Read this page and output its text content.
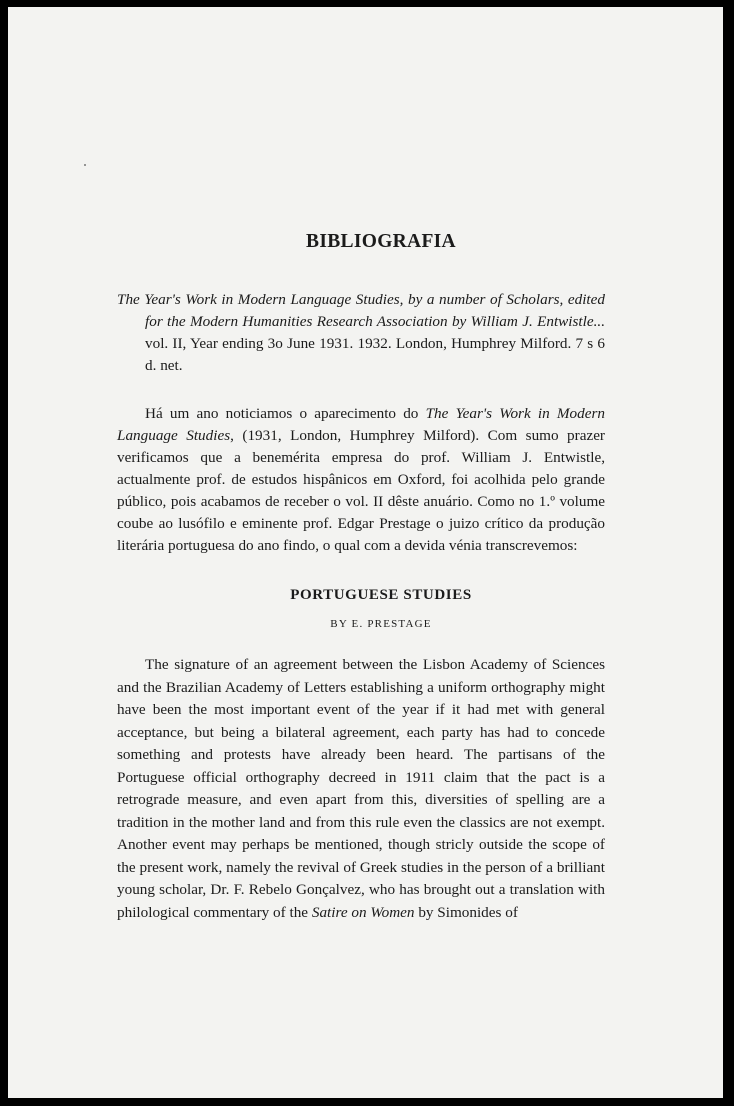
BIBLIOGRAFIA

The Year's Work in Modern Language Studies, by a number of Scholars, edited for the Modern Humanities Research Association by William J. Entwistle... vol. II, Year ending 3o June 1931. 1932. London, Humphrey Milford. 7 s 6 d. net.

Há um ano noticiamos o aparecimento do The Year's Work in Modern Language Studies, (1931, London, Humphrey Milford). Com sumo prazer verificamos que a benemérita empresa do prof. William J. Entwistle, actualmente prof. de estudos hispânicos em Oxford, foi acolhida pelo grande público, pois acabamos de receber o vol. II dêste anuário. Como no 1.º volume coube ao lusófilo e eminente prof. Edgar Prestage o juizo crítico da produção literária portuguesa do ano findo, o qual com a devida vénia transcrevemos:

PORTUGUESE STUDIES
BY E. PRESTAGE

The signature of an agreement between the Lisbon Academy of Sciences and the Brazilian Academy of Letters establishing a uniform orthography might have been the most important event of the year if it had met with general acceptance, but being a bilateral agreement, each party has had to concede something and protests have already been heard. The partisans of the Portuguese official orthography decreed in 1911 claim that the pact is a retrograde measure, and even apart from this, diversities of spelling are a tradition in the mother land and from this rule even the classics are not exempt. Another event may perhaps be mentioned, though stricly outside the scope of the present work, namely the revival of Greek studies in the person of a brilliant young scholar, Dr. F. Rebelo Gonçalvez, who has brought out a translation with philological commentary of the Satire on Women by Simonides of
